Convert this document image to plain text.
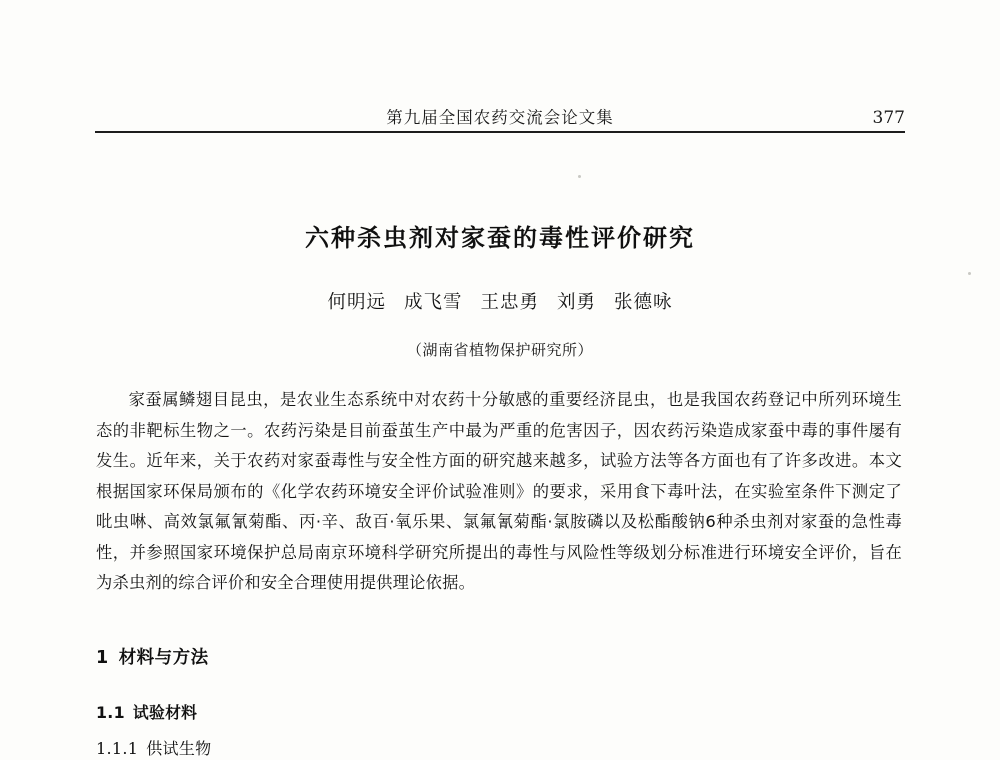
第九届全国农药交流会论文集	377
六种杀虫剂对家蚕的毒性评价研究
何明远 成飞雪 王忠勇 刘勇 张德咏
（湖南省植物保护研究所）
家蚕属鳞翅目昆虫，是农业生态系统中对农药十分敏感的重要经济昆虫，也是我国农药登记中所列环境生态的非靶标生物之一。农药污染是目前蚕茧生产中最为严重的危害因子，因农药污染造成家蚕中毒的事件屡有发生。近年来，关于农药对家蚕毒性与安全性方面的研究越来越多，试验方法等各方面也有了许多改进。本文根据国家环保局颁布的《化学农药环境安全评价试验准则》的要求，采用食下毒叶法，在实验室条件下测定了吡虫啉、高效氯氟氰菊酯、丙·辛、敌百·氧乐果、氯氟氰菊酯·氯胺磷以及松酯酸钠6种杀虫剂对家蚕的急性毒性，并参照国家环境保护总局南京环境科学研究所提出的毒性与风险性等级划分标准进行环境安全评价，旨在为杀虫剂的综合评价和安全合理使用提供理论依据。
1 材料与方法
1.1 试验材料
1.1.1 供试生物
